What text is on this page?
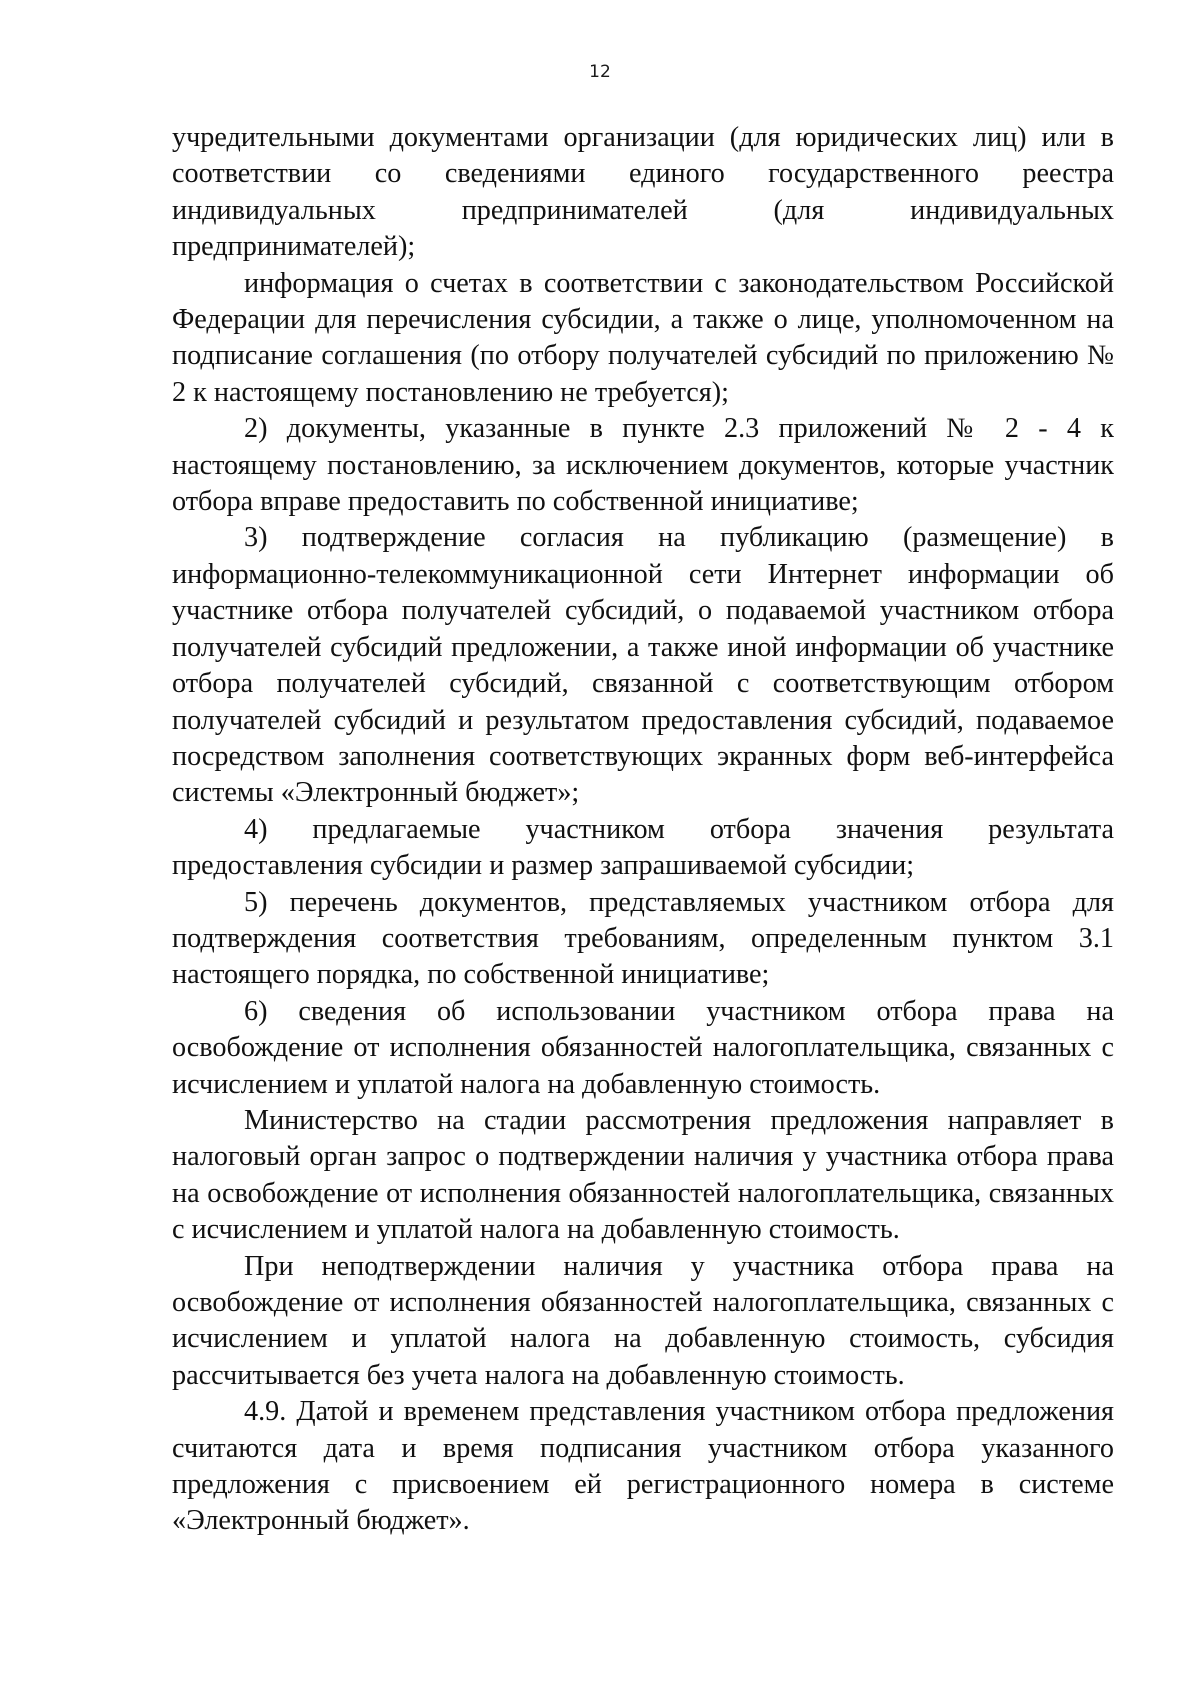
12

учредительными документами организации (для юридических лиц) или в соответствии со сведениями единого государственного реестра индивидуальных предпринимателей (для индивидуальных предпринимателей);

информация о счетах в соответствии с законодательством Российской Федерации для перечисления субсидии, а также о лице, уполномоченном на подписание соглашения (по отбору получателей субсидий по приложению № 2 к настоящему постановлению не требуется);

2) документы, указанные в пункте 2.3 приложений № 2 - 4 к настоящему постановлению, за исключением документов, которые участник отбора вправе предоставить по собственной инициативе;

3) подтверждение согласия на публикацию (размещение) в информационно-телекоммуникационной сети Интернет информации об участнике отбора получателей субсидий, о подаваемой участником отбора получателей субсидий предложении, а также иной информации об участнике отбора получателей субсидий, связанной с соответствующим отбором получателей субсидий и результатом предоставления субсидий, подаваемое посредством заполнения соответствующих экранных форм веб-интерфейса системы «Электронный бюджет»;

4) предлагаемые участником отбора значения результата предоставления субсидии и размер запрашиваемой субсидии;

5) перечень документов, представляемых участником отбора для подтверждения соответствия требованиям, определенным пунктом 3.1 настоящего порядка, по собственной инициативе;

6) сведения об использовании участником отбора права на освобождение от исполнения обязанностей налогоплательщика, связанных с исчислением и уплатой налога на добавленную стоимость.

Министерство на стадии рассмотрения предложения направляет в налоговый орган запрос о подтверждении наличия у участника отбора права на освобождение от исполнения обязанностей налогоплательщика, связанных с исчислением и уплатой налога на добавленную стоимость.

При неподтверждении наличия у участника отбора права на освобождение от исполнения обязанностей налогоплательщика, связанных с исчислением и уплатой налога на добавленную стоимость, субсидия рассчитывается без учета налога на добавленную стоимость.

4.9. Датой и временем представления участником отбора предложения считаются дата и время подписания участником отбора указанного предложения с присвоением ей регистрационного номера в системе «Электронный бюджет».
